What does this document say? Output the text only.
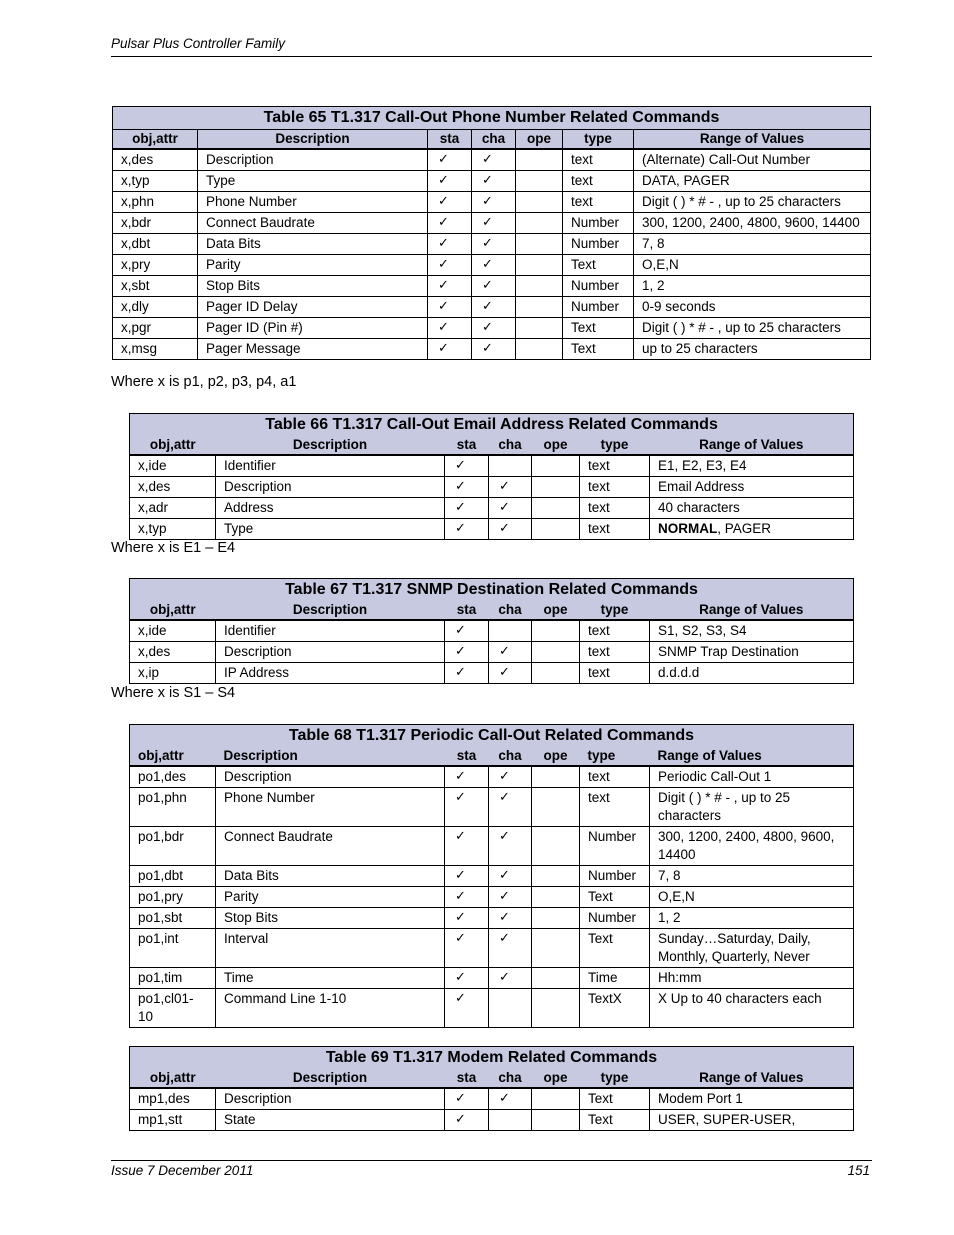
Pulsar Plus Controller Family
Table 65 T1.317 Call-Out Phone Number Related Commands						
obj,attr	Description	sta	cha	ope	type	Range of Values
x,des	Description	✓	✓		text	(Alternate) Call-Out Number
x,typ	Type	✓	✓		text	DATA, PAGER
x,phn	Phone Number	✓	✓		text	Digit ( ) * # - , up to 25 characters
x,bdr	Connect Baudrate	✓	✓		Number	300, 1200, 2400, 4800, 9600, 14400
x,dbt	Data Bits	✓	✓		Number	7, 8
x,pry	Parity	✓	✓		Text	O,E,N
x,sbt	Stop Bits	✓	✓		Number	1, 2
x,dly	Pager ID Delay	✓	✓		Number	0-9 seconds
x,pgr	Pager ID (Pin #)	✓	✓		Text	Digit ( ) * # - , up to 25 characters
x,msg	Pager Message	✓	✓		Text	up to 25 characters
Where x is p1, p2, p3, p4, a1
Table 66 T1.317 Call-Out Email Address Related Commands						
obj,attr	Description	sta	cha	ope	type	Range of Values
x,ide	Identifier	✓			text	E1, E2, E3, E4
x,des	Description	✓	✓		text	Email Address
x,adr	Address	✓	✓		text	40 characters
x,typ	Type	✓	✓		text	NORMAL, PAGER
Where x is E1 – E4
Table 67 T1.317 SNMP Destination Related Commands						
obj,attr	Description	sta	cha	ope	type	Range of Values
x,ide	Identifier	✓			text	S1, S2, S3, S4
x,des	Description	✓	✓		text	SNMP Trap Destination
x,ip	IP Address	✓	✓		text	d.d.d.d
Where x is S1 – S4
Table 68 T1.317 Periodic Call-Out Related Commands						
obj,attr	Description	sta	cha	ope	type	Range of Values
po1,des	Description	✓	✓		text	Periodic Call-Out 1
po1,phn	Phone Number	✓	✓		text	Digit ( ) * # - , up to 25 characters
po1,bdr	Connect Baudrate	✓	✓		Number	300, 1200, 2400, 4800, 9600, 14400
po1,dbt	Data Bits	✓	✓		Number	7, 8
po1,pry	Parity	✓	✓		Text	O,E,N
po1,sbt	Stop Bits	✓	✓		Number	1, 2
po1,int	Interval	✓	✓		Text	Sunday…Saturday, Daily, Monthly, Quarterly, Never
po1,tim	Time	✓	✓		Time	Hh:mm
po1,cl01-10	Command Line 1-10	✓			TextX	X Up to 40 characters each
Table 69 T1.317 Modem Related Commands						
obj,attr	Description	sta	cha	ope	type	Range of Values
mp1,des	Description	✓	✓		Text	Modem Port 1
mp1,stt	State	✓			Text	USER, SUPER-USER,
Issue 7 December 2011	151
